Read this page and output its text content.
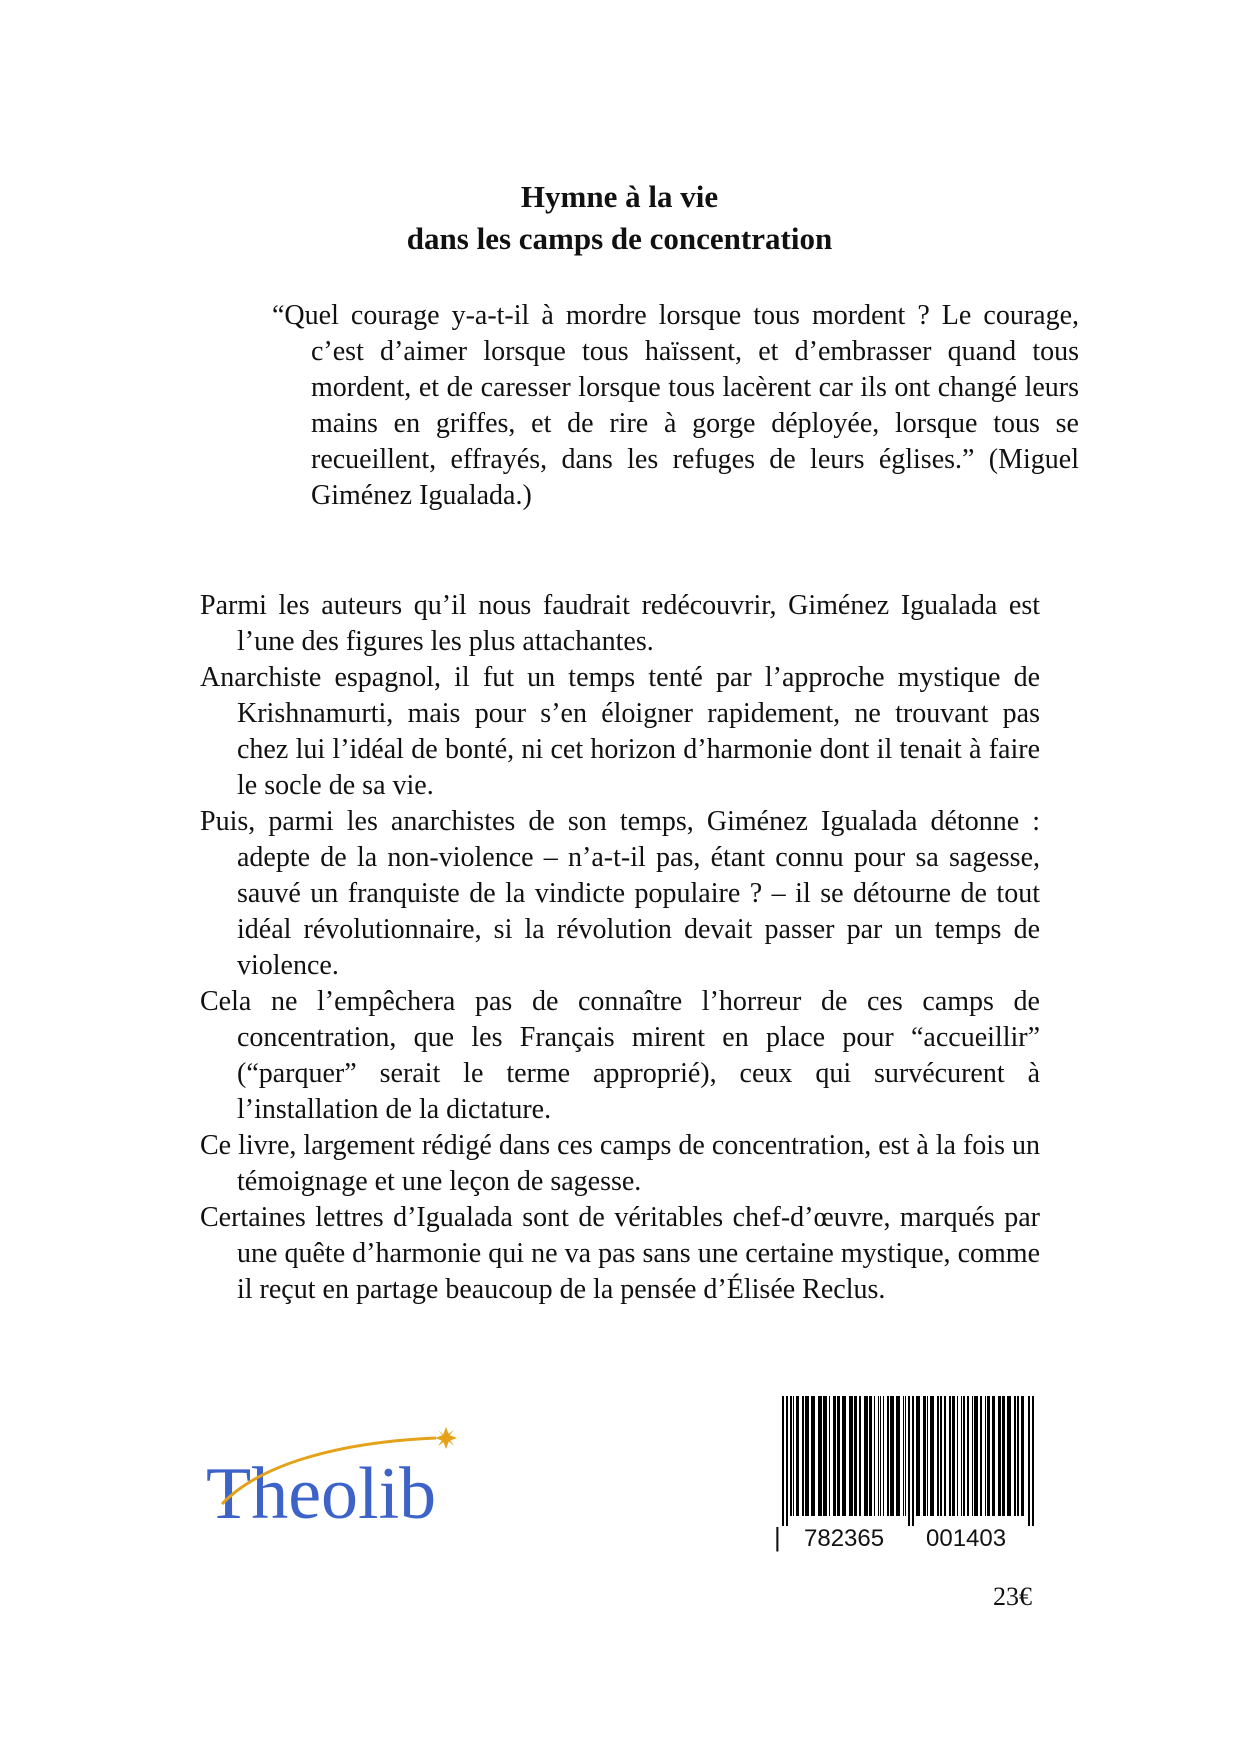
Hymne à la vie
dans les camps de concentration
“Quel courage y-a-t-il à mordre lorsque tous mordent ? Le courage, c’est d’aimer lorsque tous haïssent, et d’embrasser quand tous mordent, et de caresser lorsque tous lacèrent car ils ont changé leurs mains en griffes, et de rire à gorge déployée, lorsque tous se recueillent, effrayés, dans les refuges de leurs églises.” (Miguel Giménez Igualada.)

Parmi les auteurs qu’il nous faudrait redécouvrir, Giménez Igualada est l’une des figures les plus attachantes.

Anarchiste espagnol, il fut un temps tenté par l’approche mystique de Krishnamurti, mais pour s’en éloigner rapidement, ne trouvant pas chez lui l’idéal de bonté, ni cet horizon d’harmonie dont il tenait à faire le socle de sa vie.

Puis, parmi les anarchistes de son temps, Giménez Igualada détonne : adepte de la non-violence – n’a-t-il pas, étant connu pour sa sagesse, sauvé un franquiste de la vindicte populaire ? – il se détourne de tout idéal révolutionnaire, si la révolution devait passer par un temps de violence.

Cela ne l’empêchera pas de connaître l’horreur de ces camps de concentration, que les Français mirent en place pour “accueillir” (“parquer” serait le terme approprié), ceux qui survécurent à l’installation de la dictature.

Ce livre, largement rédigé dans ces camps de concentration, est à la fois un témoignage et une leçon de sagesse.

Certaines lettres d’Igualada sont de véritables chef-d’œuvre, marqués par une quête d’harmonie qui ne va pas sans une certaine mystique, comme il reçut en partage beaucoup de la pensée d’Élisée Reclus.

Theolib
| 782365 001403
23€
